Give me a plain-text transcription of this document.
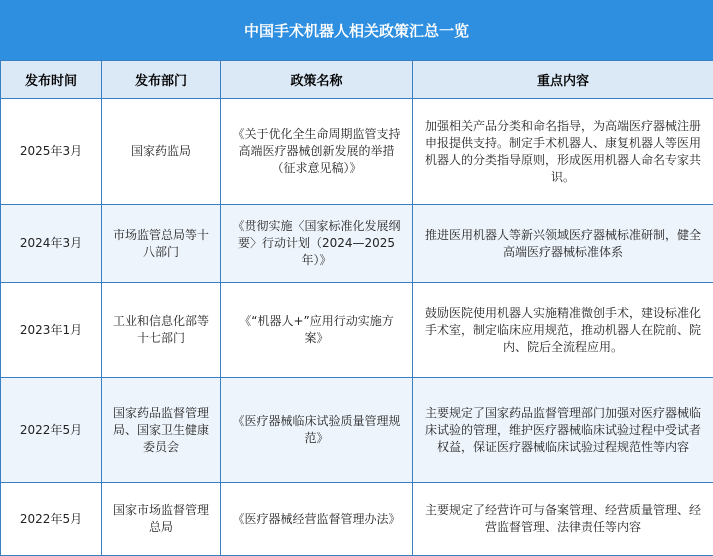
中国手术机器人相关政策汇总一览
发布时间	发布部门	政策名称	重点内容
2025年3月	国家药监局	《关于优化全生命周期监管支持高端医疗器械创新发展的举措（征求意见稿）》	加强相关产品分类和命名指导，为高端医疗器械注册申报提供支持。制定手术机器人、康复机器人等医用机器人的分类指导原则，形成医用机器人命名专家共识。
2024年3月	市场监管总局等十八部门	《贯彻实施〈国家标准化发展纲要〉行动计划（2024—2025年）》	推进医用机器人等新兴领域医疗器械标准研制，健全高端医疗器械标准体系
2023年1月	工业和信息化部等十七部门	《“机器人+”应用行动实施方案》	鼓励医院使用机器人实施精准微创手术，建设标准化手术室，制定临床应用规范，推动机器人在院前、院内、院后全流程应用。
2022年5月	国家药品监督管理局、国家卫生健康委员会	《医疗器械临床试验质量管理规范》	主要规定了国家药品监督管理部门加强对医疗器械临床试验的管理，维护医疗器械临床试验过程中受试者权益，保证医疗器械临床试验过程规范性等内容
2022年5月	国家市场监督管理总局	《医疗器械经营监督管理办法》	主要规定了经营许可与备案管理、经营质量管理、经营监督管理、法律责任等内容
